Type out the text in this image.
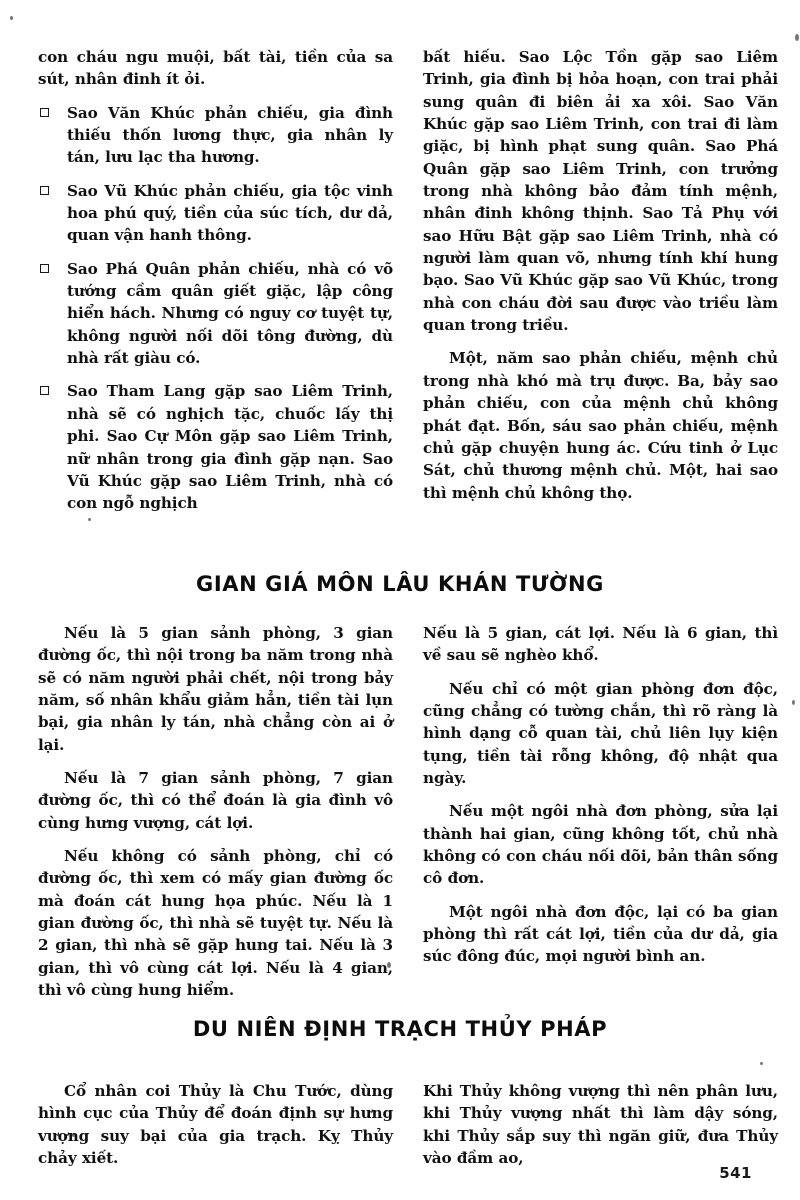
con cháu ngu muội, bất tài, tiền của sa sút, nhân đinh ít ỏi.

Sao Văn Khúc phản chiếu, gia đình thiếu thốn lương thực, gia nhân ly tán, lưu lạc tha hương.

Sao Vũ Khúc phản chiếu, gia tộc vinh hoa phú quý, tiền của súc tích, dư dả, quan vận hanh thông.

Sao Phá Quân phản chiếu, nhà có võ tướng cầm quân giết giặc, lập công hiển hách. Nhưng có nguy cơ tuyệt tự, không người nối dõi tông đường, dù nhà rất giàu có.

Sao Tham Lang gặp sao Liêm Trinh, nhà sẽ có nghịch tặc, chuốc lấy thị phi. Sao Cự Môn gặp sao Liêm Trinh, nữ nhân trong gia đình gặp nạn. Sao Vũ Khúc gặp sao Liêm Trinh, nhà có con ngỗ nghịch

bất hiếu. Sao Lộc Tồn gặp sao Liêm Trinh, gia đình bị hỏa hoạn, con trai phải sung quân đi biên ải xa xôi. Sao Văn Khúc gặp sao Liêm Trinh, con trai đi làm giặc, bị hình phạt sung quân. Sao Phá Quân gặp sao Liêm Trinh, con trưởng trong nhà không bảo đảm tính mệnh, nhân đinh không thịnh. Sao Tả Phụ với sao Hữu Bật gặp sao Liêm Trinh, nhà có người làm quan võ, nhưng tính khí hung bạo. Sao Vũ Khúc gặp sao Vũ Khúc, trong nhà con cháu đời sau được vào triều làm quan trong triều.

Một, năm sao phản chiếu, mệnh chủ trong nhà khó mà trụ được. Ba, bảy sao phản chiếu, con của mệnh chủ không phát đạt. Bốn, sáu sao phản chiếu, mệnh chủ gặp chuyện hung ác. Cứu tinh ở Lục Sát, chủ thương mệnh chủ. Một, hai sao thì mệnh chủ không thọ.

GIAN GIÁ MÔN LÂU KHÁN TƯỜNG

Nếu là 5 gian sảnh phòng, 3 gian đường ốc, thì nội trong ba năm trong nhà sẽ có năm người phải chết, nội trong bảy năm, số nhân khẩu giảm hẳn, tiền tài lụn bại, gia nhân ly tán, nhà chẳng còn ai ở lại.

Nếu là 7 gian sảnh phòng, 7 gian đường ốc, thì có thể đoán là gia đình vô cùng hưng vượng, cát lợi.

Nếu không có sảnh phòng, chỉ có đường ốc, thì xem có mấy gian đường ốc mà đoán cát hung họa phúc. Nếu là 1 gian đường ốc, thì nhà sẽ tuyệt tự. Nếu là 2 gian, thì nhà sẽ gặp hung tai. Nếu là 3 gian, thì vô cùng cát lợi. Nếu là 4 gian, thì vô cùng hung hiểm.

Nếu là 5 gian, cát lợi. Nếu là 6 gian, thì về sau sẽ nghèo khổ.

Nếu chỉ có một gian phòng đơn độc, cũng chẳng có tường chắn, thì rõ ràng là hình dạng cỗ quan tài, chủ liên lụy kiện tụng, tiền tài rỗng không, độ nhật qua ngày.

Nếu một ngôi nhà đơn phòng, sửa lại thành hai gian, cũng không tốt, chủ nhà không có con cháu nối dõi, bản thân sống cô đơn.

Một ngôi nhà đơn độc, lại có ba gian phòng thì rất cát lợi, tiền của dư dả, gia súc đông đúc, mọi người bình an.

DU NIÊN ĐỊNH TRẠCH THỦY PHÁP

Cổ nhân coi Thủy là Chu Tước, dùng hình cục của Thủy để đoán định sự hưng vượng suy bại của gia trạch. Kỵ Thủy chảy xiết.

Khi Thủy không vượng thì nên phân lưu, khi Thủy vượng nhất thì làm dậy sóng, khi Thủy sắp suy thì ngăn giữ, đưa Thủy vào đầm ao,

541
